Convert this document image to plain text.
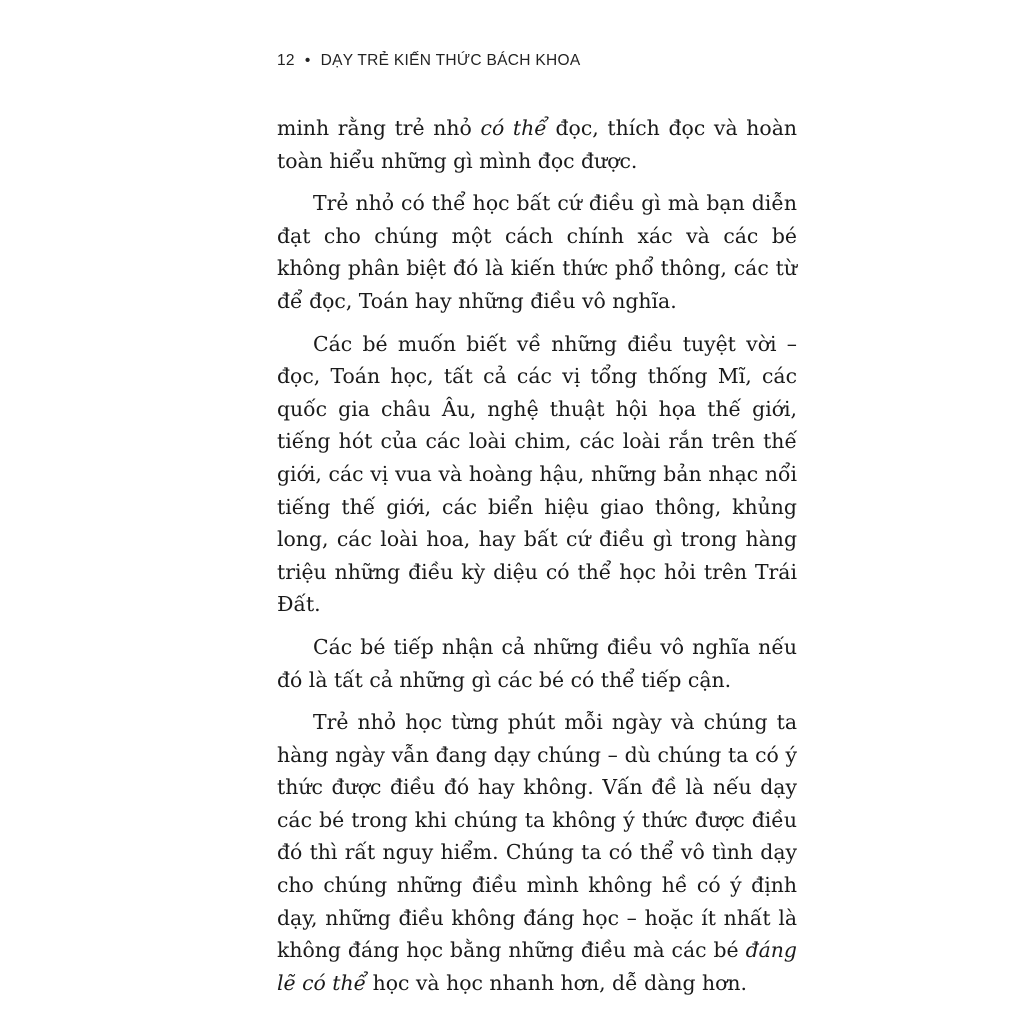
12 • DẠY TRẺ KIẾN THỨC BÁCH KHOA

minh rằng trẻ nhỏ có thể đọc, thích đọc và hoàn toàn hiểu những gì mình đọc được.

Trẻ nhỏ có thể học bất cứ điều gì mà bạn diễn đạt cho chúng một cách chính xác và các bé không phân biệt đó là kiến thức phổ thông, các từ để đọc, Toán hay những điều vô nghĩa.

Các bé muốn biết về những điều tuyệt vời – đọc, Toán học, tất cả các vị tổng thống Mĩ, các quốc gia châu Âu, nghệ thuật hội họa thế giới, tiếng hót của các loài chim, các loài rắn trên thế giới, các vị vua và hoàng hậu, những bản nhạc nổi tiếng thế giới, các biển hiệu giao thông, khủng long, các loài hoa, hay bất cứ điều gì trong hàng triệu những điều kỳ diệu có thể học hỏi trên Trái Đất.

Các bé tiếp nhận cả những điều vô nghĩa nếu đó là tất cả những gì các bé có thể tiếp cận.

Trẻ nhỏ học từng phút mỗi ngày và chúng ta hàng ngày vẫn đang dạy chúng – dù chúng ta có ý thức được điều đó hay không. Vấn đề là nếu dạy các bé trong khi chúng ta không ý thức được điều đó thì rất nguy hiểm. Chúng ta có thể vô tình dạy cho chúng những điều mình không hề có ý định dạy, những điều không đáng học – hoặc ít nhất là không đáng học bằng những điều mà các bé đáng lẽ có thể học và học nhanh hơn, dễ dàng hơn.
